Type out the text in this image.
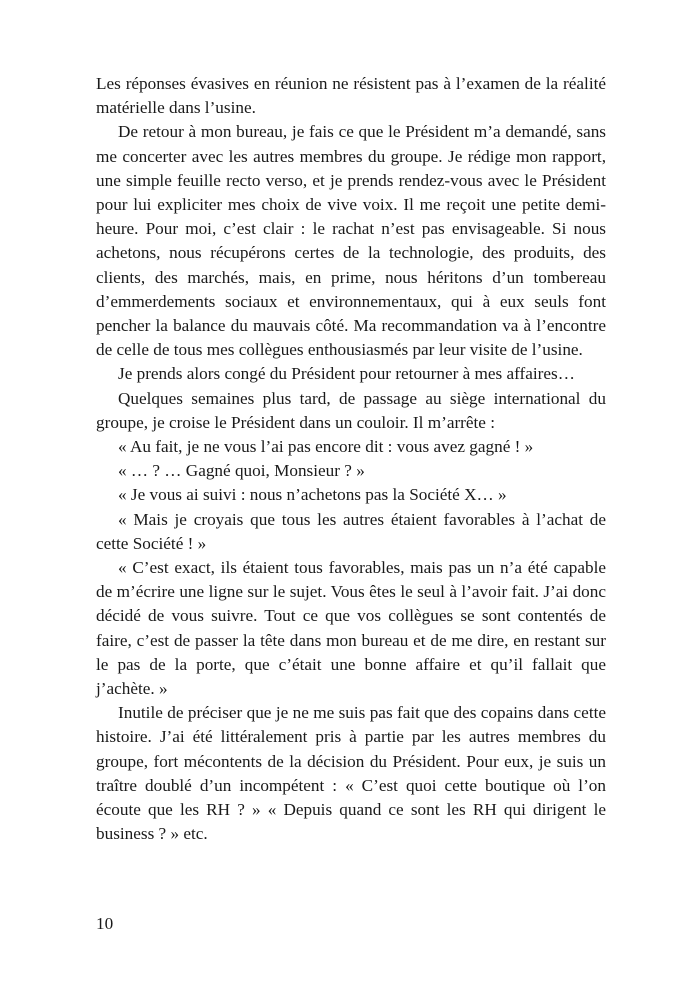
Les réponses évasives en réunion ne résistent pas à l’examen de la réalité matérielle dans l’usine.

De retour à mon bureau, je fais ce que le Président m’a demandé, sans me concerter avec les autres membres du groupe. Je rédige mon rapport, une simple feuille recto verso, et je prends rendez-vous avec le Président pour lui expliciter mes choix de vive voix. Il me reçoit une petite demi-heure. Pour moi, c’est clair : le rachat n’est pas envisageable. Si nous achetons, nous récupérons certes de la technologie, des produits, des clients, des marchés, mais, en prime, nous héritons d’un tombereau d’emmerdements sociaux et environnementaux, qui à eux seuls font pencher la balance du mauvais côté. Ma recommandation va à l’encontre de celle de tous mes collègues enthousiasmés par leur visite de l’usine.

Je prends alors congé du Président pour retourner à mes affaires…

Quelques semaines plus tard, de passage au siège international du groupe, je croise le Président dans un couloir. Il m’arrête :

« Au fait, je ne vous l’ai pas encore dit : vous avez gagné ! »

« … ? … Gagné quoi, Monsieur ? »

« Je vous ai suivi : nous n’achetons pas la Société X… »

« Mais je croyais que tous les autres étaient favorables à l’achat de cette Société ! »

« C’est exact, ils étaient tous favorables, mais pas un n’a été capable de m’écrire une ligne sur le sujet. Vous êtes le seul à l’avoir fait. J’ai donc décidé de vous suivre. Tout ce que vos collègues se sont contentés de faire, c’est de passer la tête dans mon bureau et de me dire, en restant sur le pas de la porte, que c’était une bonne affaire et qu’il fallait que j’achète. »

Inutile de préciser que je ne me suis pas fait que des copains dans cette histoire. J’ai été littéralement pris à partie par les autres membres du groupe, fort mécontents de la décision du Président. Pour eux, je suis un traître doublé d’un incompétent : « C’est quoi cette boutique où l’on écoute que les RH ? » « Depuis quand ce sont les RH qui dirigent le business ? » etc.

10
